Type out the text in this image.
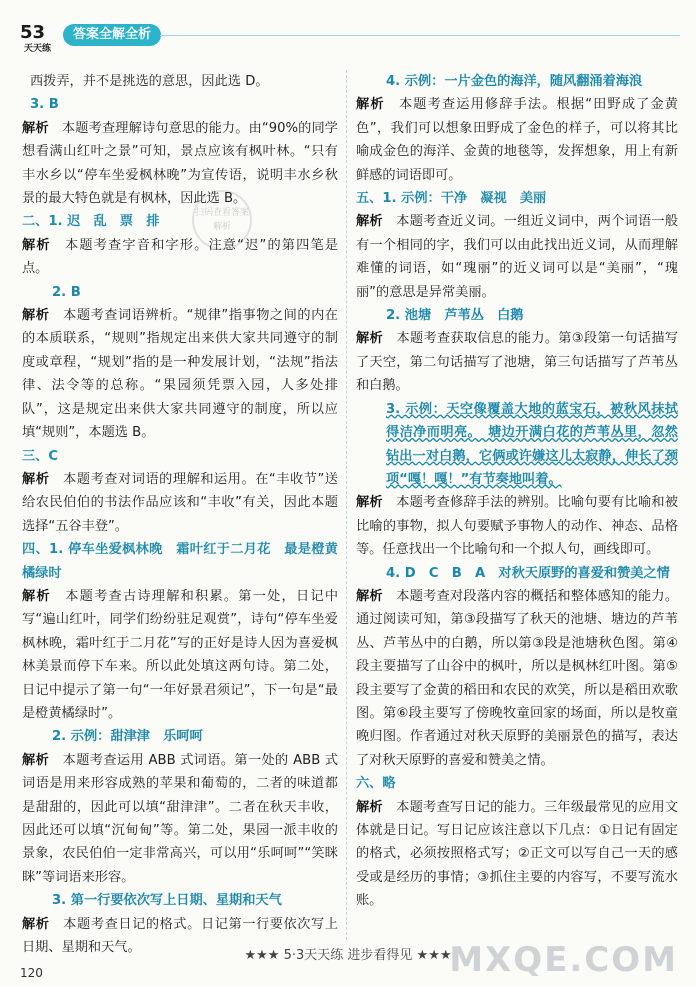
53
天天练
答案全解全析
扫码查看答案解析

西拨弄，并不是挑选的意思，因此选 D。

3. B

解析　 本题考查理解诗句意思的能力。由“90%的同学想看满山红叶之景”可知，景点应该有枫叶林。“只有丰水乡以“停车坐爱枫林晚”为宣传语，说明丰水乡秋景的最大特色就是有枫林，因此选 B。

二、1. 迟　乱　票　排

解析　 本题考查字音和字形。注意“迟”的第四笔是点。

2. B

解析　 本题考查词语辨析。“规律”指事物之间的内在的本质联系，“规则”指规定出来供大家共同遵守的制度或章程，“规划”指的是一种发展计划，“法规”指法律、法令等的总称。“果园须凭票入园，人多处排队”，这是规定出来供大家共同遵守的制度，所以应填“规则”，本题选 B。

三、C

解析　 本题考查对词语的理解和运用。在“丰收节”送给农民伯伯的书法作品应该和“丰收”有关，因此本题选择“五谷丰登”。

四、1. 停车坐爱枫林晚　霜叶红于二月花　最是橙黄橘绿时

解析　 本题考查古诗理解和积累。第一处，日记中写“遍山红叶，同学们纷纷驻足观赏”，诗句“停车坐爱枫林晚，霜叶红于二月花”写的正好是诗人因为喜爱枫林美景而停下车来。所以此处填这两句诗。第二处，日记中提示了第一句“一年好景君须记”，下一句是“最是橙黄橘绿时”。

2. 示例：甜津津　乐呵呵

解析　 本题考查运用 ABB 式词语。第一处的 ABB 式词语是用来形容成熟的苹果和葡萄的，二者的味道都是甜甜的，因此可以填“甜津津”。二者在秋天丰收，因此还可以填“沉甸甸”等。第二处，果园一派丰收的景象，农民伯伯一定非常高兴，可以用“乐呵呵”“笑眯眯”等词语来形容。

3. 第一行要依次写上日期、星期和天气

解析　 本题考查日记的格式。日记第一行要依次写上日期、星期和天气。

4. 示例：一片金色的海洋，随风翻涌着海浪

解析　 本题考查运用修辞手法。根据“田野成了金黄色”，我们可以想象田野成了金色的样子，可以将其比喻成金色的海洋、金黄的地毯等，发挥想象，用上有新鲜感的词语即可。

五、1. 示例：干净　凝视　美丽

解析　 本题考查近义词。一组近义词中，两个词语一般有一个相同的字，我们可以由此找出近义词，从而理解难懂的词语，如“瑰丽”的近义词可以是“美丽”，“瑰丽”的意思是异常美丽。

2. 池塘　芦苇丛　白鹅

解析　 本题考查获取信息的能力。第③段第一句话描写了天空，第二句话描写了池塘，第三句话描写了芦苇丛和白鹅。

3. 示例：天空像覆盖大地的蓝宝石，被秋风抹拭得洁净而明亮。　塘边开满白花的芦苇丛里，忽然钻出一对白鹅，它俩或许嫌这儿太寂静，伸长了颈项“嘎！嘎！”有节奏地叫着。

解析　 本题考查修辞手法的辨别。比喻句要有比喻和被比喻的事物，拟人句要赋予事物人的动作、神态、品格等。任意找出一个比喻句和一个拟人句，画线即可。

4. D　C　B　A　对秋天原野的喜爱和赞美之情

解析　 本题考查对段落内容的概括和整体感知的能力。通过阅读可知，第③段描写了秋天的池塘、塘边的芦苇丛、芦苇丛中的白鹅，所以第③段是池塘秋色图。第④段主要描写了山谷中的枫叶，所以是枫林红叶图。第⑤段主要写了金黄的稻田和农民的欢笑，所以是稻田欢歌图。第⑥段主要写了傍晚牧童回家的场面，所以是牧童晚归图。作者通过对秋天原野的美丽景色的描写，表达了对秋天原野的喜爱和赞美之情。

六、略

解析　 本题考查写日记的能力。三年级最常见的应用文体就是日记。写日记应该注意以下几点：①日记有固定的格式，必须按照格式写；②正文可以写自己一天的感受或是经历的事情；③抓住主要的内容写，不要写流水账。

★★★ 5·3天天练 进步看得见 ★★★
120	MXQE.COM
